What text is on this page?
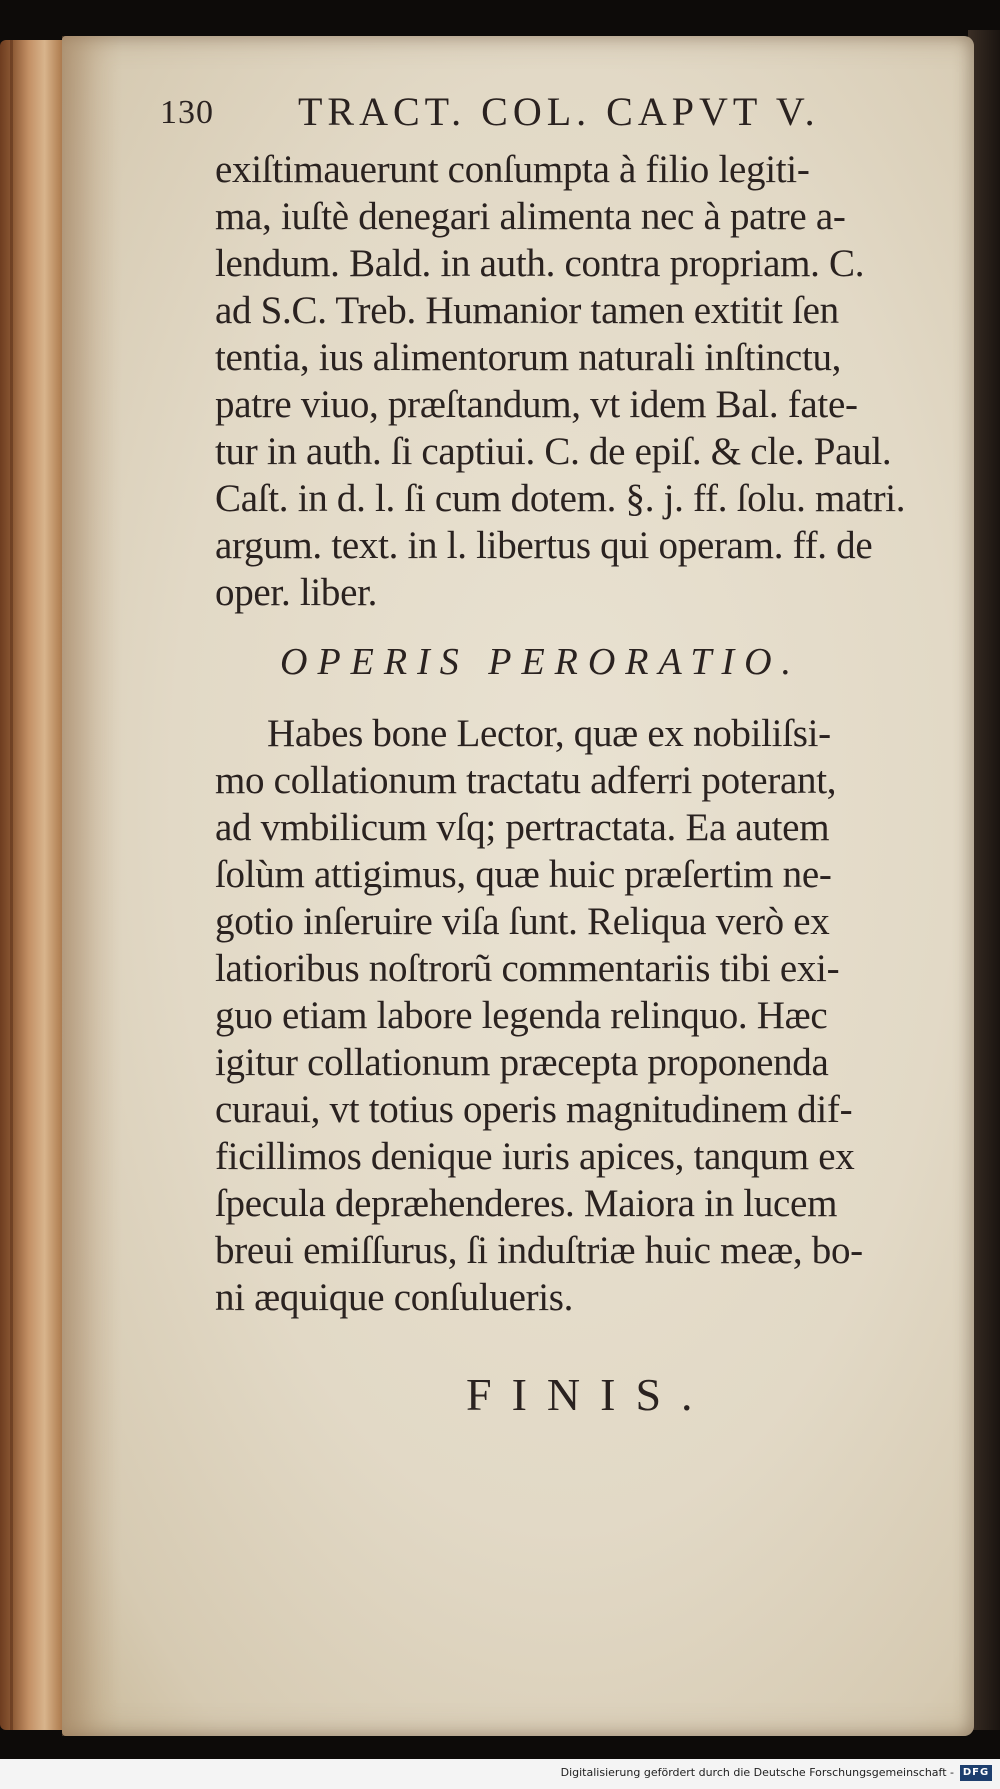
130 TRACT. COL. CAPVT V.
exiſtimauerunt conſumpta à filio legiti-
ma, iuſtè denegari alimenta nec à patre a-
lendum. Bald. in auth. contra propriam. C.
ad S.C. Treb. Humanior tamen extitit ſen
tentia, ius alimentorum naturali inſtinctu,
patre viuo, præſtandum, vt idem Bal. fate-
tur in auth. ſi captiui. C. de epiſ. & cle. Paul.
Caſt. in d. l. ſi cum dotem. §. j. ff. ſolu. matri.
argum. text. in l. libertus qui operam. ff. de
oper. liber.
OPERIS PERORATIO.
Habes bone Lector, quæ ex nobiliſsi-
mo collationum tractatu adferri poterant,
ad vmbilicum vſq; pertractata. Ea autem
ſolùm attigimus, quæ huic præſertim ne-
gotio inſeruire viſa ſunt. Reliqua verò ex
latioribus noſtrorũ commentariis tibi exi-
guo etiam labore legenda relinquo. Hæc
igitur collationum præcepta proponenda
curaui, vt totius operis magnitudinem dif-
ficillimos denique iuris apices, tanqum ex
ſpecula depræhenderes. Maiora in lucem
breui emiſſurus, ſi induſtriæ huic meæ, bo-
ni æquique conſulueris.
FINIS.
Digitalisierung gefördert durch die Deutsche Forschungsgemeinschaft - DFG
